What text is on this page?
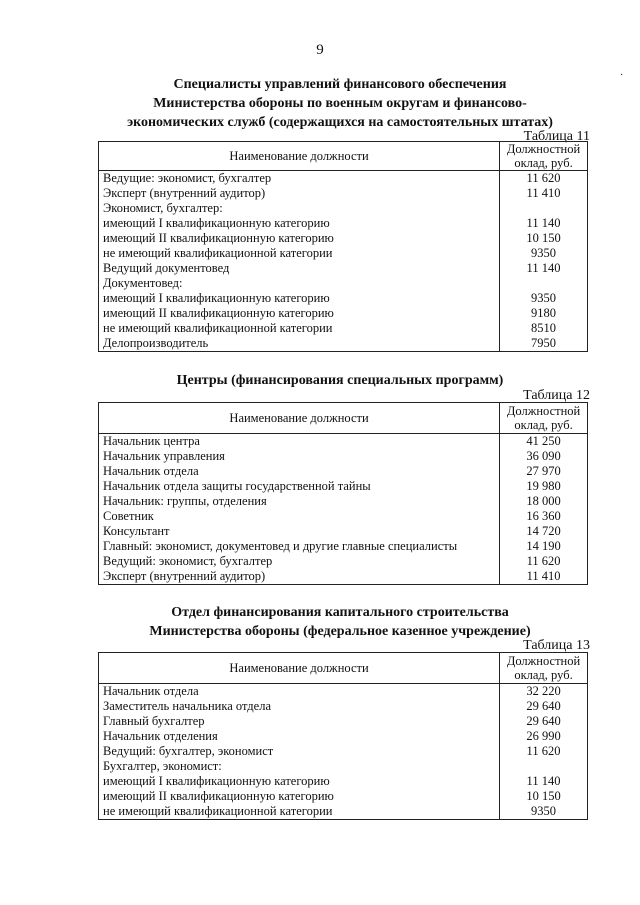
9
·
Специалисты управлений финансового обеспечения
Министерства обороны по военным округам и финансово-
экономических служб (содержащихся на самостоятельных штатах)
Таблица 11
Наименование должности	Должностной оклад, руб.
Ведущие: экономист, бухгалтер	11 620
Эксперт (внутренний аудитор)	11 410
Экономист, бухгалтер:	
имеющий I квалификационную категорию	11 140
имеющий II квалификационную категорию	10 150
не имеющий квалификационной категории	9350
Ведущий документовед	11 140
Документовед:	
имеющий I квалификационную категорию	9350
имеющий II квалификационную категорию	9180
не имеющий квалификационной категории	8510
Делопроизводитель	7950
Центры (финансирования специальных программ)
Таблица 12
Наименование должности	Должностной оклад, руб.
Начальник центра	41 250
Начальник управления	36 090
Начальник отдела	27 970
Начальник отдела защиты государственной тайны	19 980
Начальник: группы, отделения	18 000
Советник	16 360
Консультант	14 720
Главный: экономист, документовед и другие главные специалисты	14 190
Ведущий: экономист, бухгалтер	11 620
Эксперт (внутренний аудитор)	11 410
Отдел финансирования капитального строительства
Министерства обороны (федеральное казенное учреждение)
Таблица 13
Наименование должности	Должностной оклад, руб.
Начальник отдела	32 220
Заместитель начальника отдела	29 640
Главный бухгалтер	29 640
Начальник отделения	26 990
Ведущий: бухгалтер, экономист	11 620
Бухгалтер, экономист:	
имеющий I квалификационную категорию	11 140
имеющий II квалификационную категорию	10 150
не имеющий квалификационной категории	9350
